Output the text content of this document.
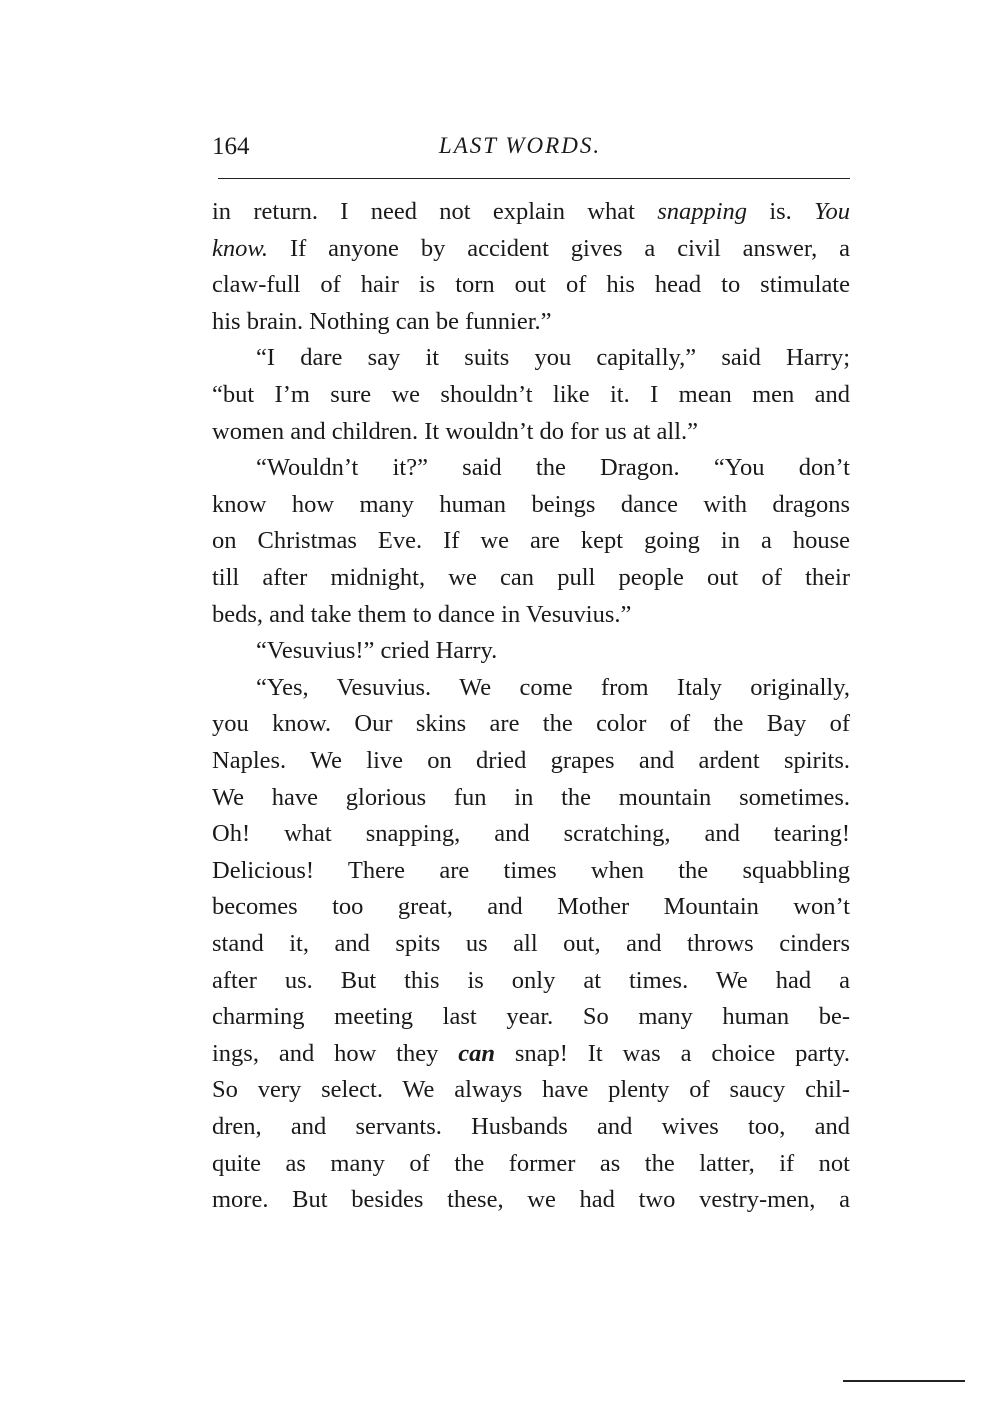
164	LAST WORDS.
in return. I need not explain what snapping is. You
know. If anyone by accident gives a civil answer, a
claw-full of hair is torn out of his head to stimulate
his brain. Nothing can be funnier.”
“I dare say it suits you capitally,” said Harry;
“but I’m sure we shouldn’t like it. I mean men and
women and children. It wouldn’t do for us at all.”
“Wouldn’t it?” said the Dragon. “You don’t
know how many human beings dance with dragons
on Christmas Eve. If we are kept going in a house
till after midnight, we can pull people out of their
beds, and take them to dance in Vesuvius.”
“Vesuvius!” cried Harry.
“Yes, Vesuvius. We come from Italy originally,
you know. Our skins are the color of the Bay of
Naples. We live on dried grapes and ardent spirits.
We have glorious fun in the mountain sometimes.
Oh! what snapping, and scratching, and tearing!
Delicious! There are times when the squabbling
becomes too great, and Mother Mountain won’t
stand it, and spits us all out, and throws cinders
after us. But this is only at times. We had a
charming meeting last year. So many human be-
ings, and how they can snap! It was a choice party.
So very select. We always have plenty of saucy chil-
dren, and servants. Husbands and wives too, and
quite as many of the former as the latter, if not
more. But besides these, we had two vestry-men, a
